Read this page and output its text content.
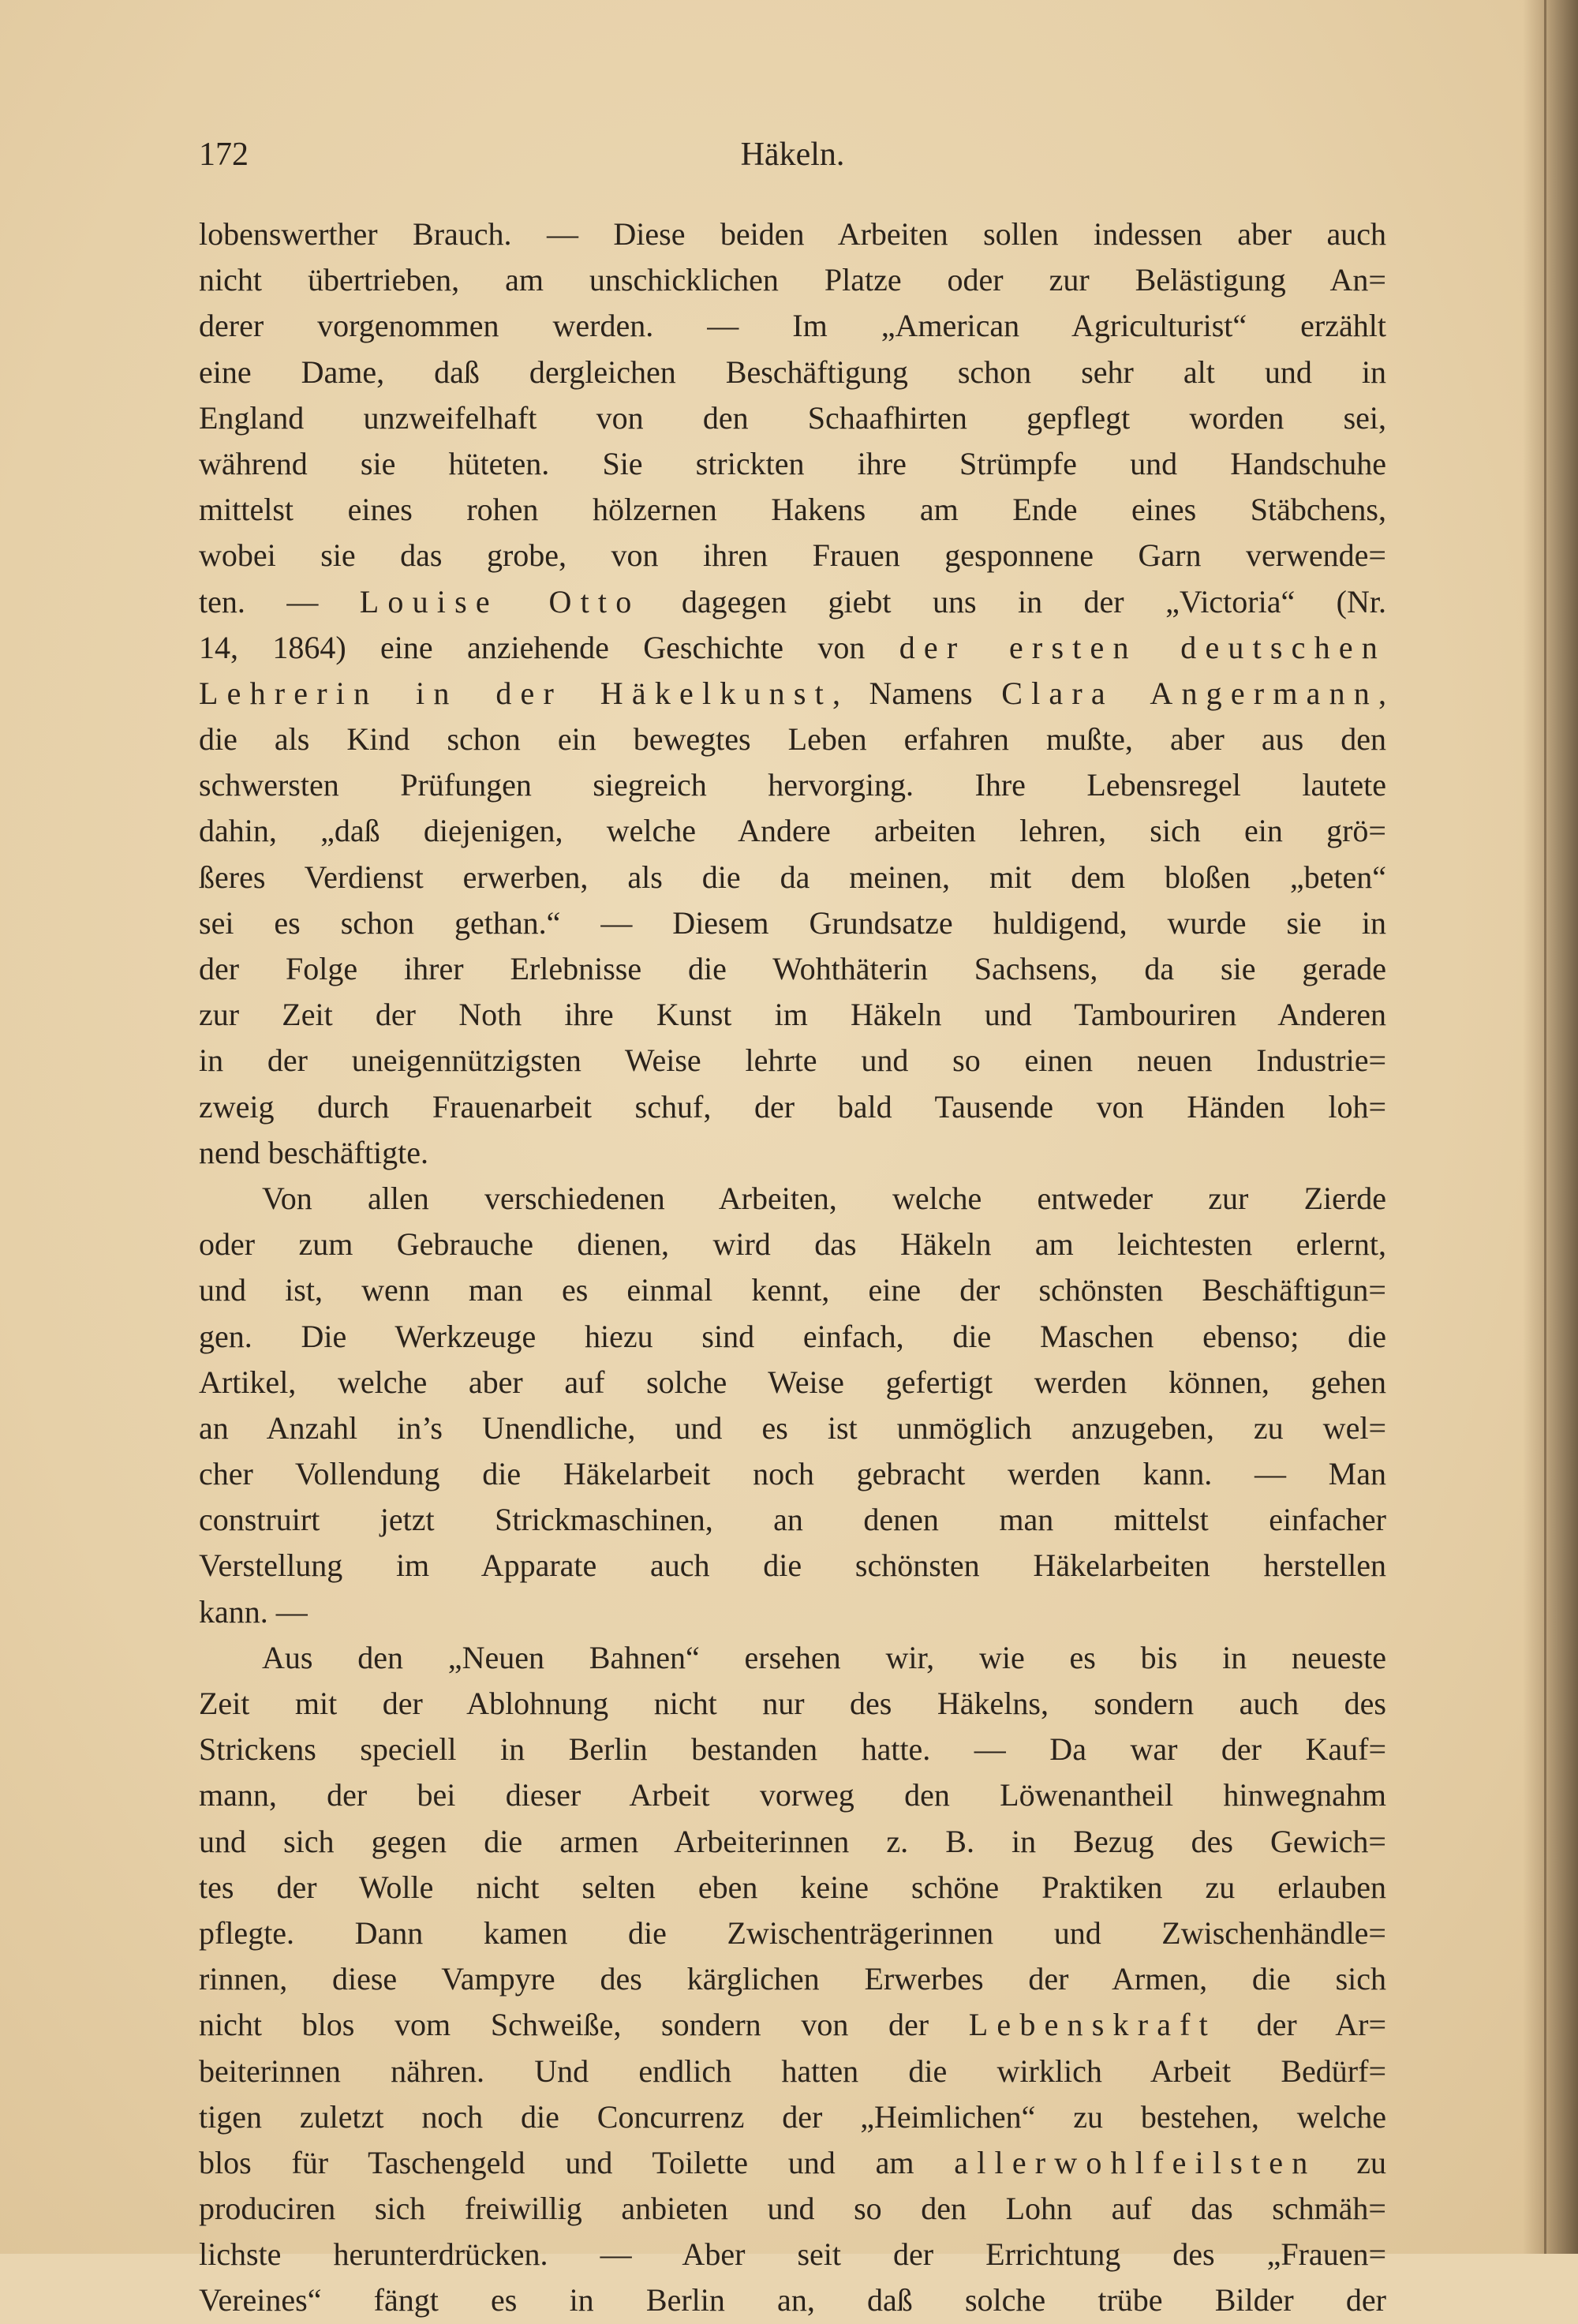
172	Häkeln.
lobenswerther Brauch. — Diese beiden Arbeiten sollen indessen aber auch
nicht übertrieben, am unschicklichen Platze oder zur Belästigung An=
derer vorgenommen werden. — Im „American Agriculturist“ erzählt
eine Dame, daß dergleichen Beschäftigung schon sehr alt und in
England unzweifelhaft von den Schaafhirten gepflegt worden sei,
während sie hüteten. Sie strickten ihre Strümpfe und Handschuhe
mittelst eines rohen hölzernen Hakens am Ende eines Stäbchens,
wobei sie das grobe, von ihren Frauen gesponnene Garn verwende=
ten. — Louise Otto dagegen giebt uns in der „Victoria“ (Nr.
14, 1864) eine anziehende Geschichte von der ersten deutschen
Lehrerin in der Häkelkunst, Namens Clara Angermann,
die als Kind schon ein bewegtes Leben erfahren mußte, aber aus den
schwersten Prüfungen siegreich hervorging. Ihre Lebensregel lautete
dahin, „daß diejenigen, welche Andere arbeiten lehren, sich ein grö=
ßeres Verdienst erwerben, als die da meinen, mit dem bloßen „beten“
sei es schon gethan.“ — Diesem Grundsatze huldigend, wurde sie in
der Folge ihrer Erlebnisse die Wohthäterin Sachsens, da sie gerade
zur Zeit der Noth ihre Kunst im Häkeln und Tambouriren Anderen
in der uneigennützigsten Weise lehrte und so einen neuen Industrie=
zweig durch Frauenarbeit schuf, der bald Tausende von Händen loh=
nend beschäftigte.
Von allen verschiedenen Arbeiten, welche entweder zur Zierde
oder zum Gebrauche dienen, wird das Häkeln am leichtesten erlernt,
und ist, wenn man es einmal kennt, eine der schönsten Beschäftigun=
gen. Die Werkzeuge hiezu sind einfach, die Maschen ebenso; die
Artikel, welche aber auf solche Weise gefertigt werden können, gehen
an Anzahl in’s Unendliche, und es ist unmöglich anzugeben, zu wel=
cher Vollendung die Häkelarbeit noch gebracht werden kann. — Man
construirt jetzt Strickmaschinen, an denen man mittelst einfacher
Verstellung im Apparate auch die schönsten Häkelarbeiten herstellen
kann. —
Aus den „Neuen Bahnen“ ersehen wir, wie es bis in neueste
Zeit mit der Ablohnung nicht nur des Häkelns, sondern auch des
Strickens speciell in Berlin bestanden hatte. — Da war der Kauf=
mann, der bei dieser Arbeit vorweg den Löwenantheil hinwegnahm
und sich gegen die armen Arbeiterinnen z. B. in Bezug des Gewich=
tes der Wolle nicht selten eben keine schöne Praktiken zu erlauben
pflegte. Dann kamen die Zwischenträgerinnen und Zwischenhändle=
rinnen, diese Vampyre des kärglichen Erwerbes der Armen, die sich
nicht blos vom Schweiße, sondern von der Lebenskraft der Ar=
beiterinnen nähren. Und endlich hatten die wirklich Arbeit Bedürf=
tigen zuletzt noch die Concurrenz der „Heimlichen“ zu bestehen, welche
blos für Taschengeld und Toilette und am allerwohlfeilsten zu
produciren sich freiwillig anbieten und so den Lohn auf das schmäh=
lichste herunterdrücken. — Aber seit der Errichtung des „Frauen=
Vereines“ fängt es in Berlin an, daß solche trübe Bilder der
